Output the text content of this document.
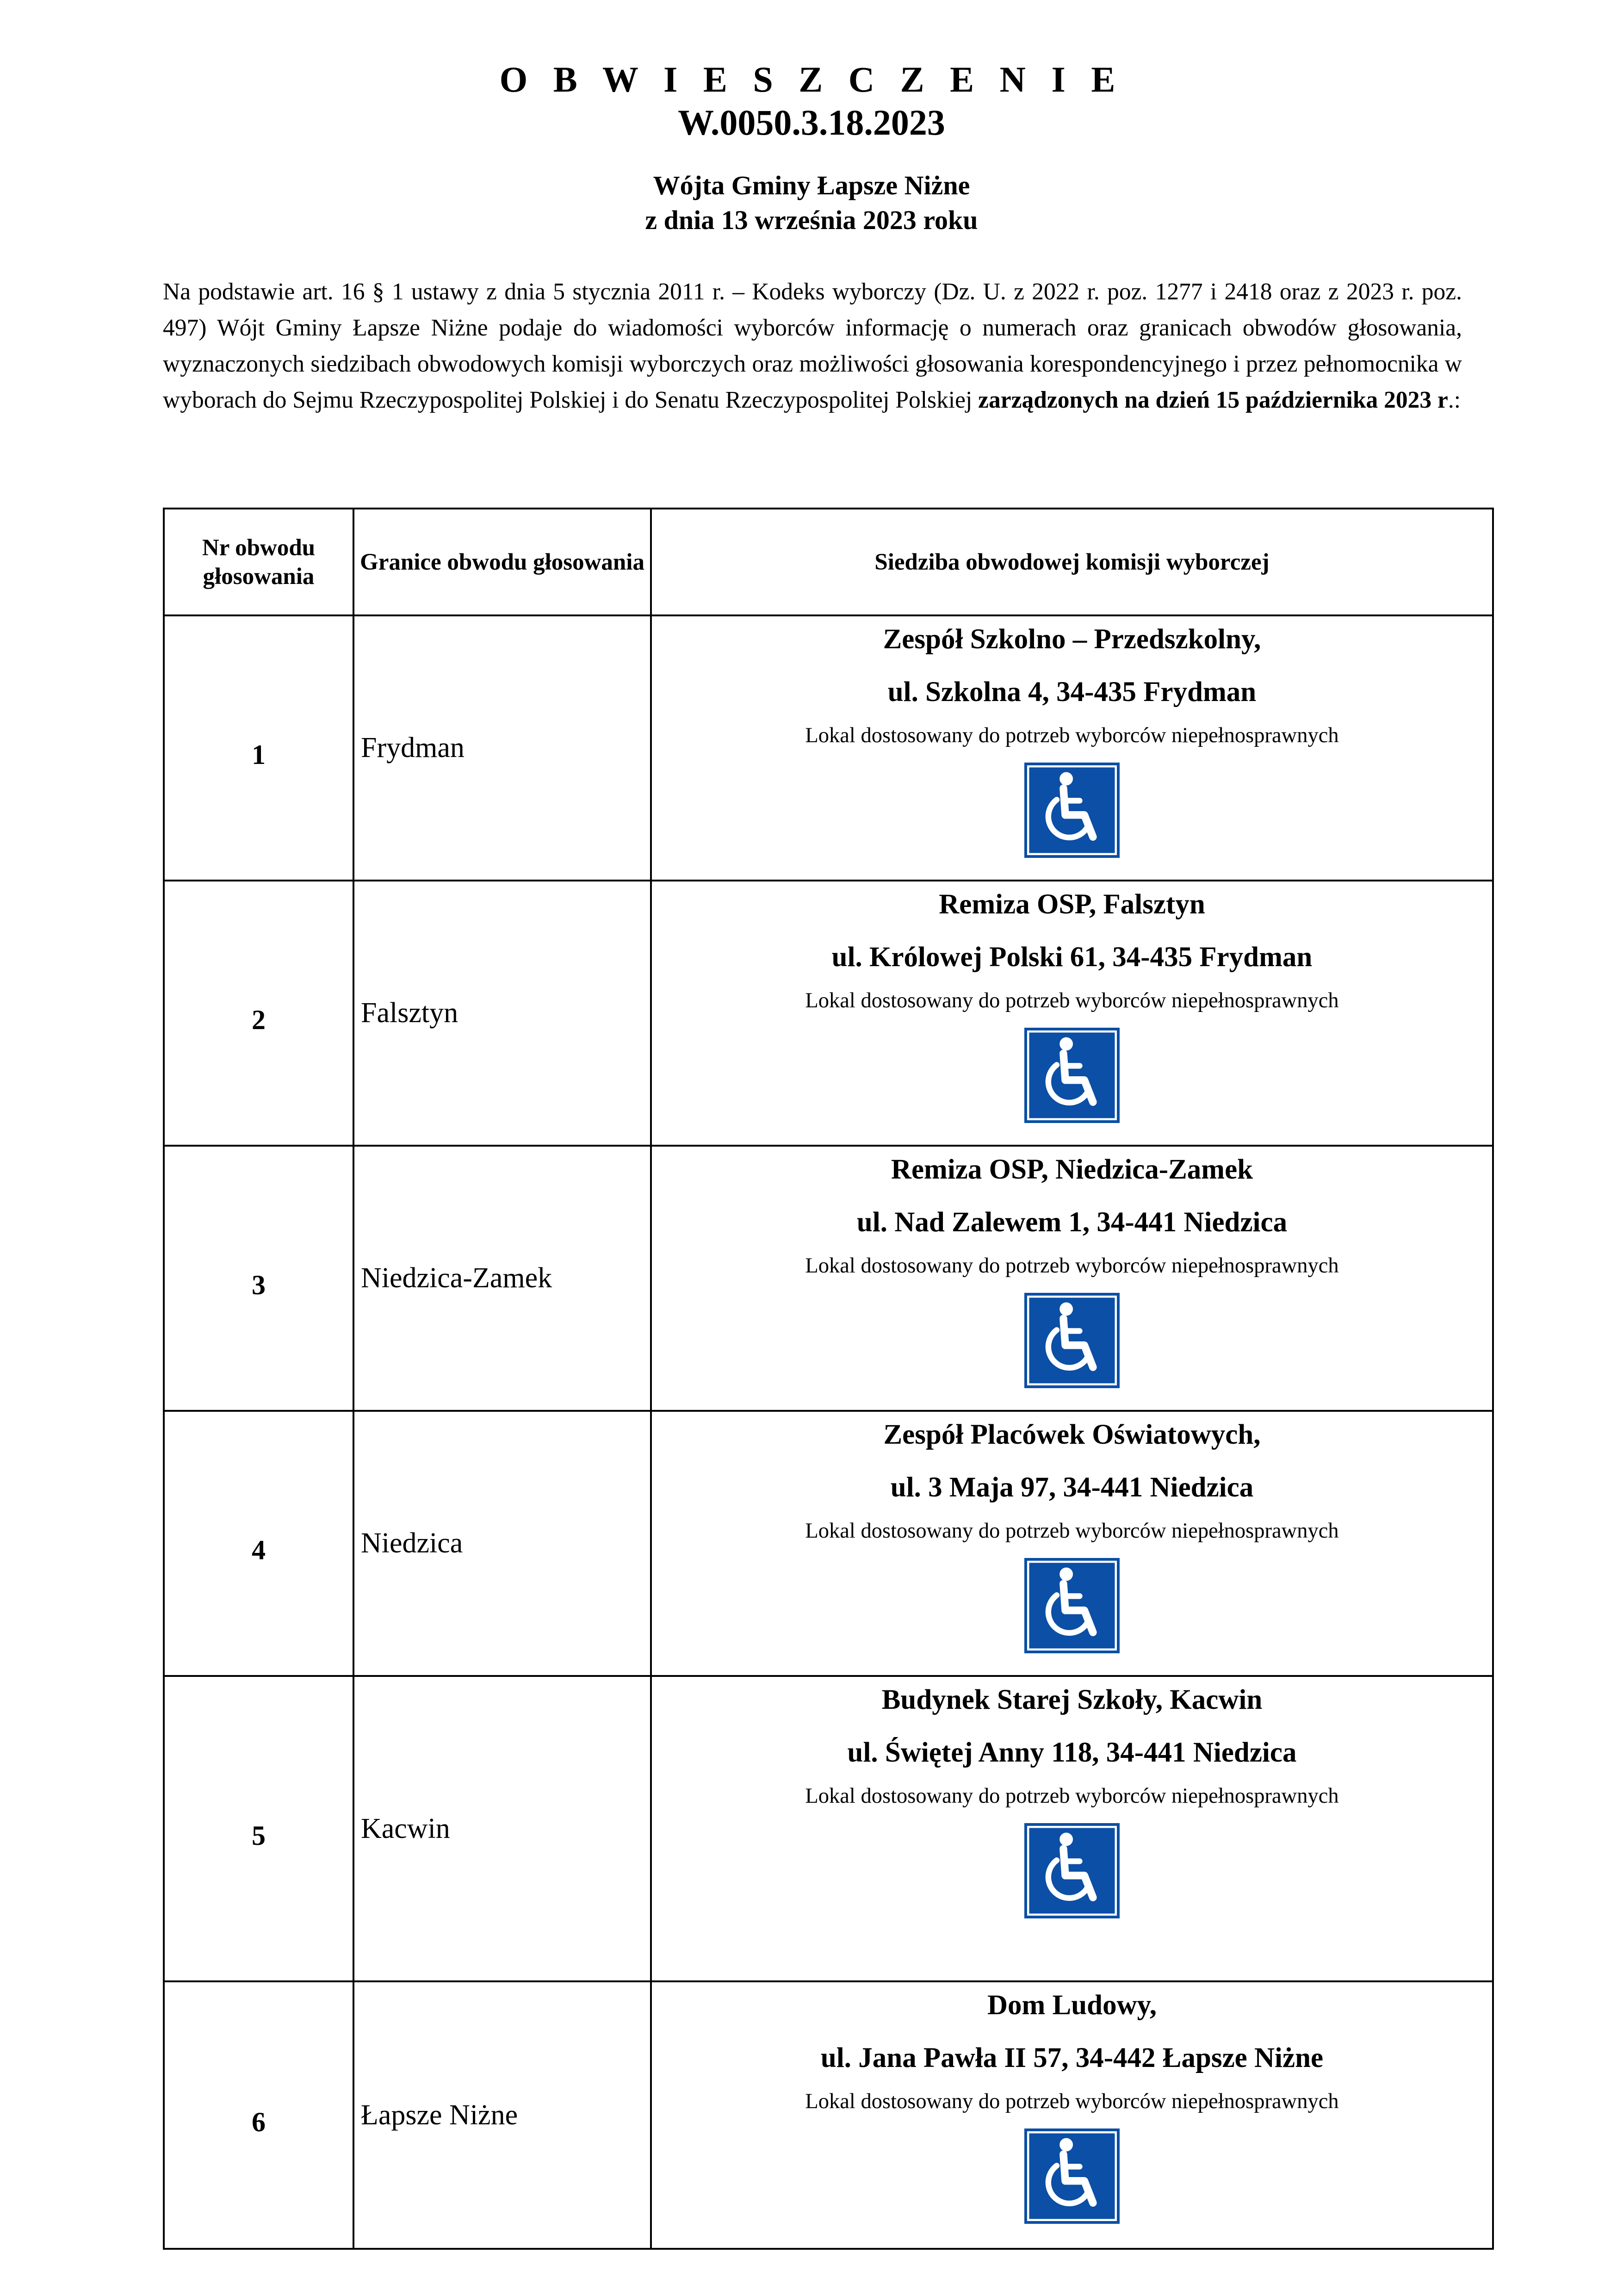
O B W I E S Z C Z E N I E
W.0050.3.18.2023
Wójta Gminy Łapsze Niżne
z dnia 13 września 2023 roku
Na podstawie art. 16 § 1 ustawy z dnia 5 stycznia 2011 r. – Kodeks wyborczy (Dz. U. z 2022 r. poz. 1277 i 2418 oraz z 2023 r. poz. 497) Wójt Gminy Łapsze Niżne podaje do wiadomości wyborców informację o numerach oraz granicach obwodów głosowania, wyznaczonych siedzibach obwodowych komisji wyborczych oraz możliwości głosowania korespondencyjnego i przez pełnomocnika w wyborach do Sejmu Rzeczypospolitej Polskiej i do Senatu Rzeczypospolitej Polskiej zarządzonych na dzień 15 października 2023 r.:
Nr obwodu głosowania	Granice obwodu głosowania	Siedziba obwodowej komisji wyborczej
1	Frydman	Zespół Szkolno – Przedszkolny,
ul. Szkolna 4, 34-435 Frydman
Lokal dostosowany do potrzeb wyborców niepełnosprawnych

2	Falsztyn	Remiza OSP, Falsztyn
ul. Królowej Polski 61, 34-435 Frydman
Lokal dostosowany do potrzeb wyborców niepełnosprawnych

3	Niedzica-Zamek	Remiza OSP, Niedzica-Zamek
ul. Nad Zalewem 1, 34-441 Niedzica
Lokal dostosowany do potrzeb wyborców niepełnosprawnych

4	Niedzica	Zespół Placówek Oświatowych,
ul. 3 Maja 97, 34-441 Niedzica
Lokal dostosowany do potrzeb wyborców niepełnosprawnych

5	Kacwin	Budynek Starej Szkoły, Kacwin
ul. Świętej Anny 118, 34-441 Niedzica
Lokal dostosowany do potrzeb wyborców niepełnosprawnych

6	Łapsze Niżne	Dom Ludowy,
ul. Jana Pawła II 57, 34-442 Łapsze Niżne
Lokal dostosowany do potrzeb wyborców niepełnosprawnych
